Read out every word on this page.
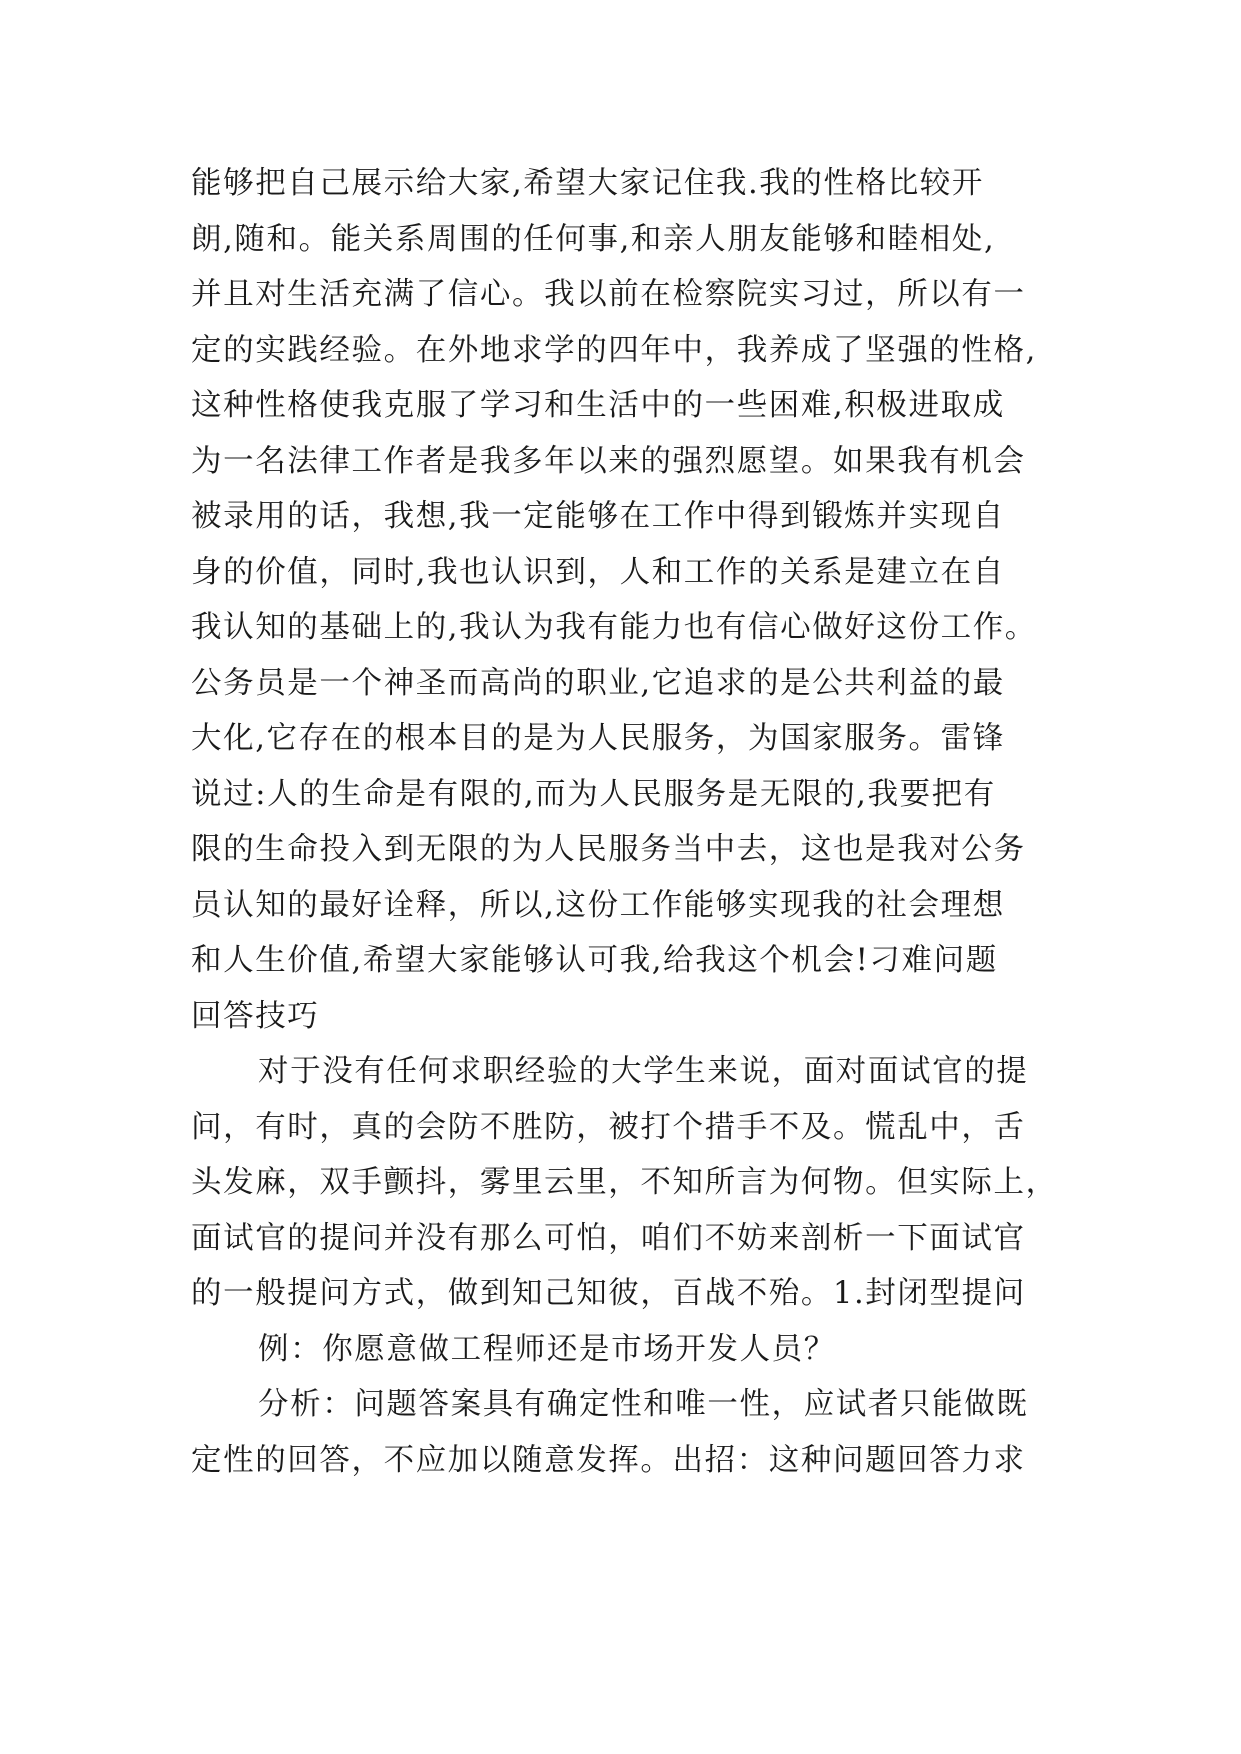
能够把自己展示给大家,希望大家记住我.我的性格比较开
朗,随和。能关系周围的任何事,和亲人朋友能够和睦相处,
并且对生活充满了信心。我以前在检察院实习过，所以有一
定的实践经验。在外地求学的四年中，我养成了坚强的性格,
这种性格使我克服了学习和生活中的一些困难,积极进取成
为一名法律工作者是我多年以来的强烈愿望。如果我有机会
被录用的话，我想,我一定能够在工作中得到锻炼并实现自
身的价值，同时,我也认识到，人和工作的关系是建立在自
我认知的基础上的,我认为我有能力也有信心做好这份工作。
公务员是一个神圣而高尚的职业,它追求的是公共利益的最
大化,它存在的根本目的是为人民服务，为国家服务。雷锋
说过:人的生命是有限的,而为人民服务是无限的,我要把有
限的生命投入到无限的为人民服务当中去，这也是我对公务
员认知的最好诠释，所以,这份工作能够实现我的社会理想
和人生价值,希望大家能够认可我,给我这个机会!刁难问题
回答技巧
对于没有任何求职经验的大学生来说，面对面试官的提
问，有时，真的会防不胜防，被打个措手不及。慌乱中，舌
头发麻，双手颤抖，雾里云里，不知所言为何物。但实际上，
面试官的提问并没有那么可怕，咱们不妨来剖析一下面试官
的一般提问方式，做到知己知彼，百战不殆。1.封闭型提问
例：你愿意做工程师还是市场开发人员？
分析：问题答案具有确定性和唯一性，应试者只能做既
定性的回答，不应加以随意发挥。出招：这种问题回答力求
